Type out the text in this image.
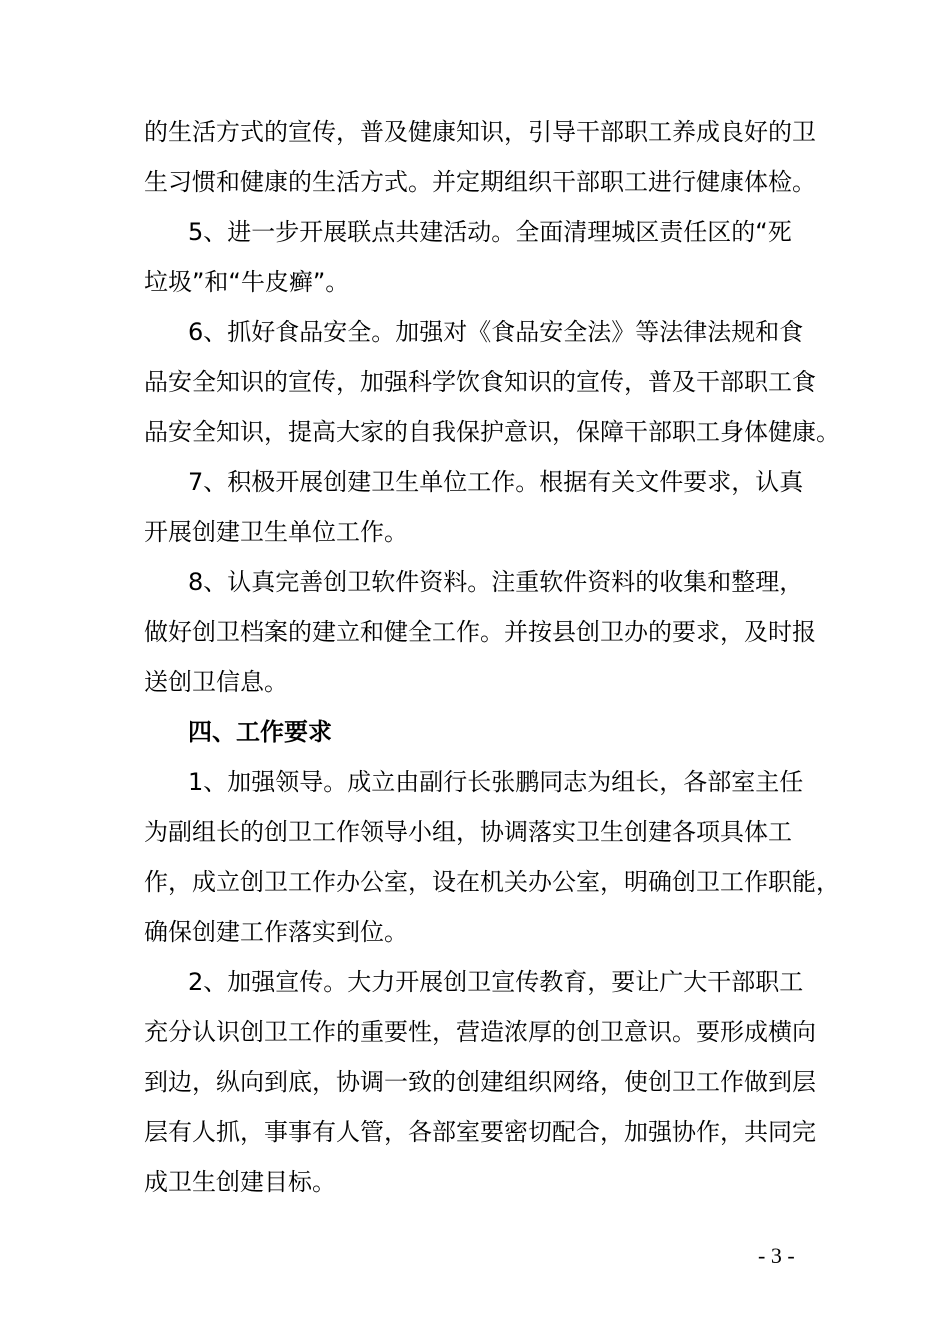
的生活方式的宣传，普及健康知识，引导干部职工养成良好的卫
生习惯和健康的生活方式。并定期组织干部职工进行健康体检。
5、进一步开展联点共建活动。全面清理城区责任区的“死
垃圾”和“牛皮癣”。
6、抓好食品安全。加强对《食品安全法》等法律法规和食
品安全知识的宣传，加强科学饮食知识的宣传，普及干部职工食
品安全知识，提高大家的自我保护意识，保障干部职工身体健康。
7、积极开展创建卫生单位工作。根据有关文件要求，认真
开展创建卫生单位工作。
8、认真完善创卫软件资料。注重软件资料的收集和整理，
做好创卫档案的建立和健全工作。并按县创卫办的要求，及时报
送创卫信息。
四、工作要求
1、加强领导。成立由副行长张鹏同志为组长，各部室主任
为副组长的创卫工作领导小组，协调落实卫生创建各项具体工
作，成立创卫工作办公室，设在机关办公室，明确创卫工作职能，
确保创建工作落实到位。
2、加强宣传。大力开展创卫宣传教育，要让广大干部职工
充分认识创卫工作的重要性，营造浓厚的创卫意识。要形成横向
到边，纵向到底，协调一致的创建组织网络，使创卫工作做到层
层有人抓，事事有人管，各部室要密切配合，加强协作，共同完
成卫生创建目标。
- 3 -
